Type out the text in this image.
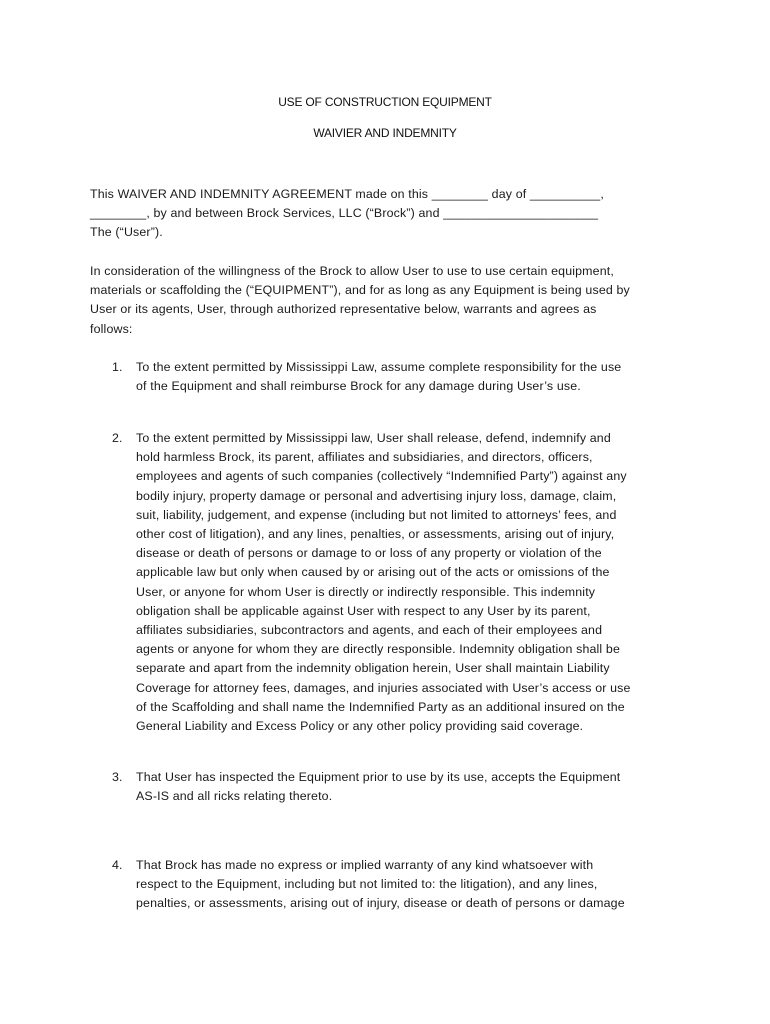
USE OF CONSTRUCTION EQUIPMENT
WAIVIER AND INDEMNITY
This WAIVER AND INDEMNITY AGREEMENT made on this ________ day of __________,
________, by and between Brock Services, LLC (“Brock”) and ______________________
The (“User”).
In consideration of the willingness of the Brock to allow User to use to use certain equipment,
materials or scaffolding the (“EQUIPMENT”), and for as long as any Equipment is being used by
User or its agents, User, through authorized representative below, warrants and agrees as
follows:
1. To the extent permitted by Mississippi Law, assume complete responsibility for the use
of the Equipment and shall reimburse Brock for any damage during User’s use.
2. To the extent permitted by Mississippi law, User shall release, defend, indemnify and
hold harmless Brock, its parent, affiliates and subsidiaries, and directors, officers,
employees and agents of such companies (collectively “Indemnified Party”) against any
bodily injury, property damage or personal and advertising injury loss, damage, claim,
suit, liability, judgement, and expense (including but not limited to attorneys’ fees, and
other cost of litigation), and any lines, penalties, or assessments, arising out of injury,
disease or death of persons or damage to or loss of any property or violation of the
applicable law but only when caused by or arising out of the acts or omissions of the
User, or anyone for whom User is directly or indirectly responsible. This indemnity
obligation shall be applicable against User with respect to any User by its parent,
affiliates subsidiaries, subcontractors and agents, and each of their employees and
agents or anyone for whom they are directly responsible. Indemnity obligation shall be
separate and apart from the indemnity obligation herein, User shall maintain Liability
Coverage for attorney fees, damages, and injuries associated with User’s access or use
of the Scaffolding and shall name the Indemnified Party as an additional insured on the
General Liability and Excess Policy or any other policy providing said coverage.
3. That User has inspected the Equipment prior to use by its use, accepts the Equipment
AS-IS and all ricks relating thereto.
4. That Brock has made no express or implied warranty of any kind whatsoever with
respect to the Equipment, including but not limited to: the litigation), and any lines,
penalties, or assessments, arising out of injury, disease or death of persons or damage
